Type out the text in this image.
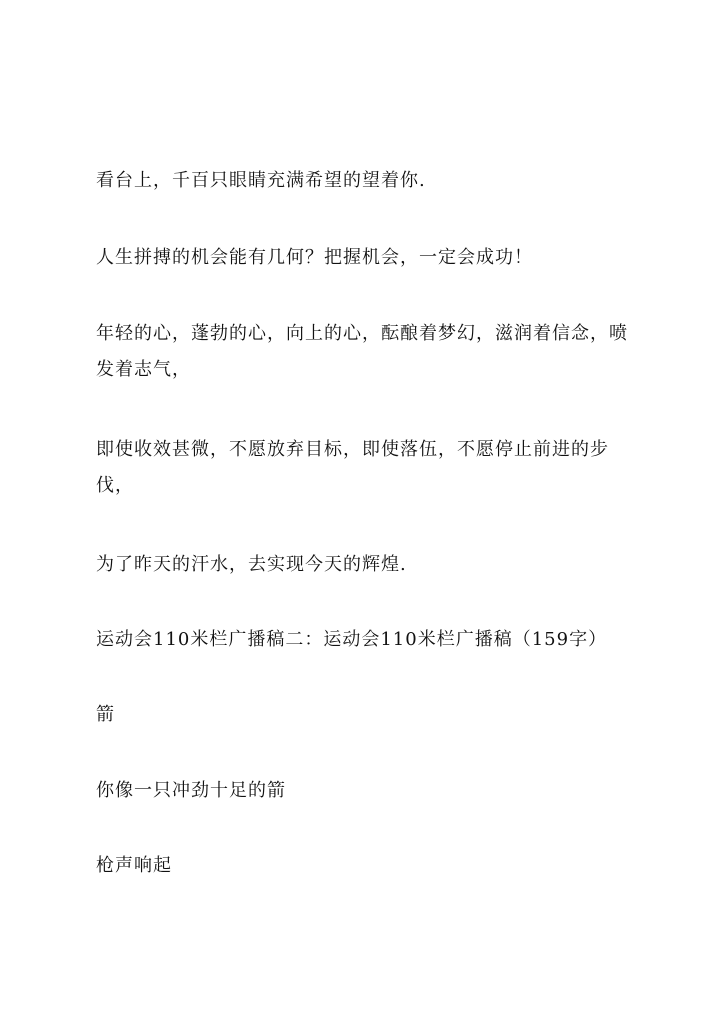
看台上，千百只眼睛充满希望的望着你.

人生拼搏的机会能有几何？把握机会，一定会成功！

年轻的心，蓬勃的心，向上的心，酝酿着梦幻，滋润着信念，喷发着志气，

即使收效甚微，不愿放弃目标，即使落伍，不愿停止前进的步伐，

为了昨天的汗水，去实现今天的辉煌.

运动会110米栏广播稿二：运动会110米栏广播稿（159字）

箭

你像一只冲劲十足的箭

枪声响起
